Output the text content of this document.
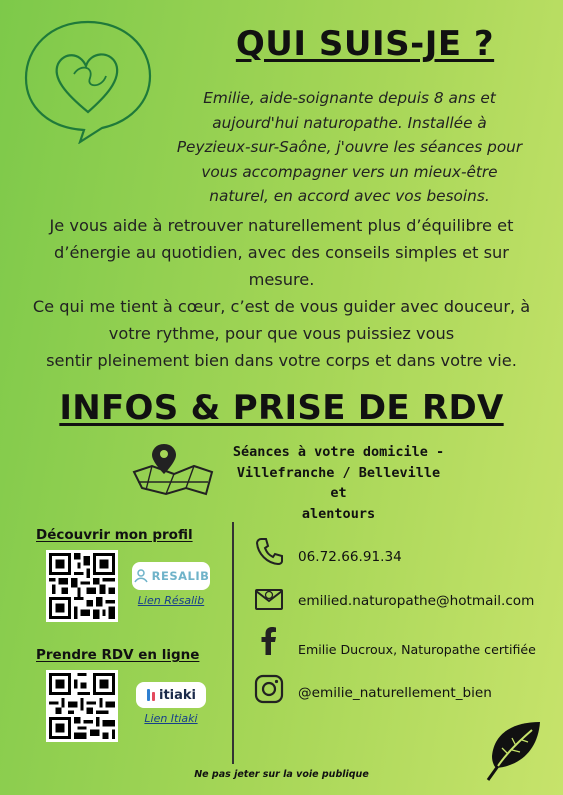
QUI SUIS-JE ?
Emilie, aide-soignante depuis 8 ans et
aujourd'hui naturopathe. Installée à
Peyzieux-sur-Saône, j'ouvre les séances pour
vous accompagner vers un mieux-être
naturel, en accord avec vos besoins.

Je vous aide à retrouver naturellement plus d’équilibre et

d’énergie au quotidien, avec des conseils simples et sur

mesure.

Ce qui me tient à cœur, c’est de vous guider avec douceur, à

votre rythme, pour que vous puissiez vous

sentir pleinement bien dans votre corps et dans votre vie.

INFOS & PRISE DE RDV
Séances à votre domicile -
Villefranche / Belleville et
alentours
Découvrir mon profil
RESALIB
Lien Résalib
Prendre RDV en ligne
itiaki
Lien Itiaki
06.72.66.91.34
emilied.naturopathe@hotmail.com
Emilie Ducroux, Naturopathe certifiée
@emilie_naturellement_bien
Ne pas jeter sur la voie publique
